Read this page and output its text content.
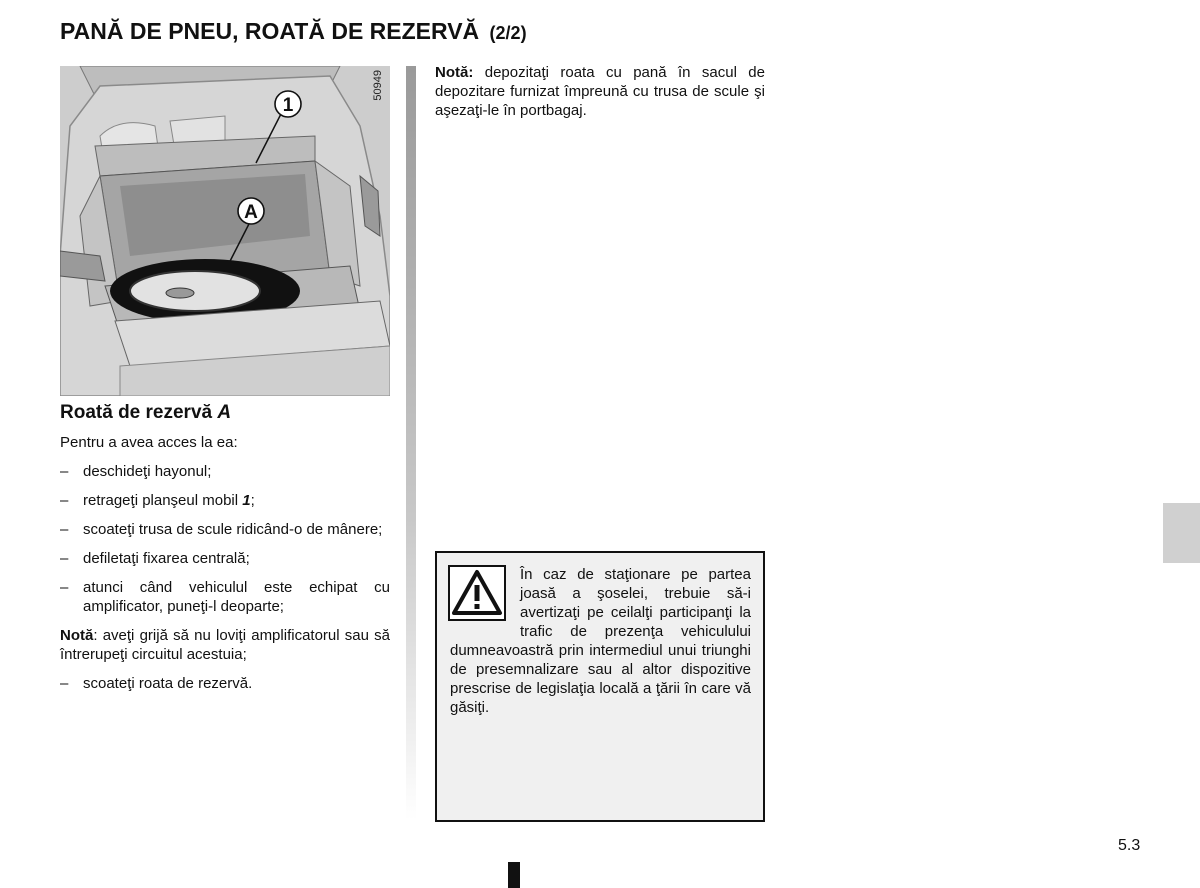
PANĂ DE PNEU, ROATĂ DE REZERVĂ (2/2)
1
A
50949
Roată de rezervă A

Pentru a avea acces la ea:

– deschideţi hayonul;
– retrageţi planşeul mobil 1;
– scoateţi trusa de scule ridicând-o de mânere;
– defiletaţi fixarea centrală;
– atunci când vehiculul este echipat cu amplificator, puneţi-l deoparte;

Notă: aveţi grijă să nu loviţi amplificatorul sau să întrerupeţi circuitul acestuia;

– scoateţi roata de rezervă.
Notă: depozitaţi roata cu pană în sacul de depozitare furnizat împreună cu trusa de scule şi aşezaţi-le în portbagaj.
În caz de staţionare pe partea joasă a şoselei, trebuie să-i avertizaţi pe ceilalţi participanţi la trafic de prezenţa vehiculului dumneavoastră prin intermediul unui triunghi de presemnalizare sau al altor dispozitive prescrise de legislaţia locală a ţării în care vă găsiţi.
5.3
